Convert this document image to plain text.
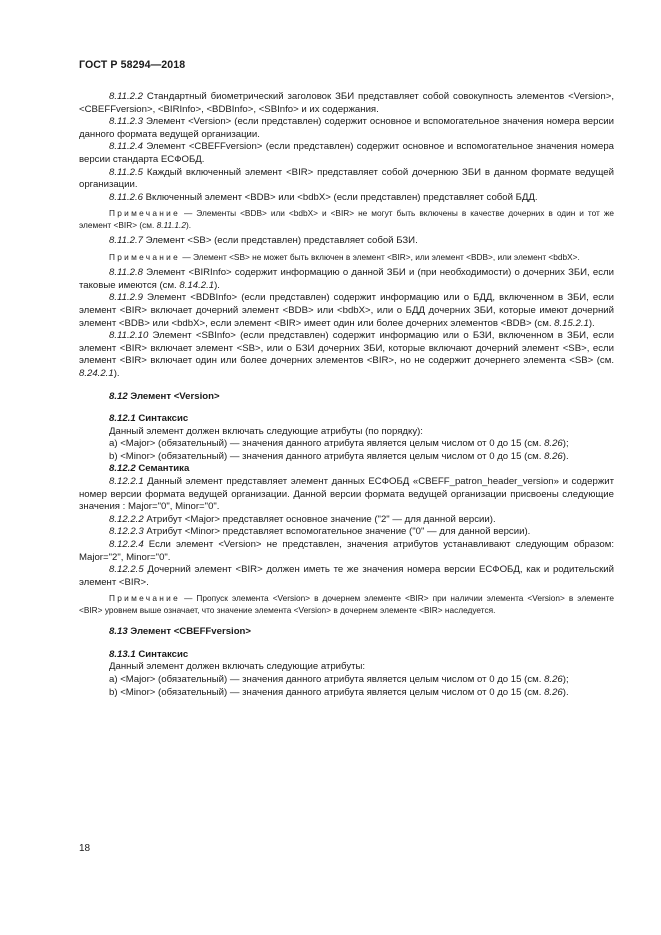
ГОСТ Р 58294—2018

8.11.2.2 Стандартный биометрический заголовок ЗБИ представляет собой совокупность элементов <Version>, <CBEFFversion>, <BIRInfo>, <BDBInfo>, <SBInfo> и их содержания.

8.11.2.3 Элемент <Version> (если представлен) содержит основное и вспомогательное значения номера версии данного формата ведущей организации.

8.11.2.4 Элемент <CBEFFversion> (если представлен) содержит основное и вспомогательное значения номера версии стандарта ЕСФОБД.

8.11.2.5 Каждый включенный элемент <BIR> представляет собой дочернюю ЗБИ в данном формате ведущей организации.

8.11.2.6 Включенный элемент <BDB> или <bdbX> (если представлен) представляет собой БДД.

Примечание — Элементы <BDB> или <bdbX> и <BIR> не могут быть включены в качестве дочерних в один и тот же элемент <BIR> (см. 8.11.1.2).

8.11.2.7 Элемент <SB> (если представлен) представляет собой БЗИ.

Примечание — Элемент <SB> не может быть включен в элемент <BIR>, или элемент <BDB>, или элемент <bdbX>.

8.11.2.8 Элемент <BIRInfo> содержит информацию о данной ЗБИ и (при необходимости) о дочерних ЗБИ, если таковые имеются (см. 8.14.2.1).

8.11.2.9 Элемент <BDBInfo> (если представлен) содержит информацию или о БДД, включенном в ЗБИ, если элемент <BIR> включает дочерний элемент <BDB> или <bdbX>, или о БДД дочерних ЗБИ, которые имеют дочерний элемент <BDB> или <bdbX>, если элемент <BIR> имеет один или более дочерних элементов <BDB> (см. 8.15.2.1).

8.11.2.10 Элемент <SBInfo> (если представлен) содержит информацию или о БЗИ, включенном в ЗБИ, если элемент <BIR> включает элемент <SB>, или о БЗИ дочерних ЗБИ, которые включают дочерний элемент <SB>, если элемент <BIR> включает один или более дочерних элементов <BIR>, но не содержит дочернего элемента <SB> (см. 8.24.2.1).

8.12 Элемент <Version>

8.12.1 Синтаксис

Данный элемент должен включать следующие атрибуты (по порядку):

a) <Major> (обязательный) — значения данного атрибута является целым числом от 0 до 15 (см. 8.26);

b) <Minor> (обязательный) — значения данного атрибута является целым числом от 0 до 15 (см. 8.26).

8.12.2 Семантика

8.12.2.1 Данный элемент представляет элемент данных ЕСФОБД «CBEFF_patron_header_version» и содержит номер версии формата ведущей организации. Данной версии формата ведущей организации присвоены следующие значения : Major="0", Minor="0".

8.12.2.2 Атрибут <Major> представляет основное значение ("2" — для данной версии).

8.12.2.3 Атрибут <Minor> представляет вспомогательное значение ("0" — для данной версии).

8.12.2.4 Если элемент <Version> не представлен, значения атрибутов устанавливают следующим образом: Major="2", Minor="0".

8.12.2.5 Дочерний элемент <BIR> должен иметь те же значения номера версии ЕСФОБД, как и родительский элемент <BIR>.

Примечание — Пропуск элемента <Version> в дочернем элементе <BIR> при наличии элемента <Version> в элементе <BIR> уровнем выше означает, что значение элемента <Version> в дочернем элементе <BIR> наследуется.

8.13 Элемент <CBEFFversion>

8.13.1 Синтаксис

Данный элемент должен включать следующие атрибуты:

a) <Major> (обязательный) — значения данного атрибута является целым числом от 0 до 15 (см. 8.26);

b) <Minor> (обязательный) — значения данного атрибута является целым числом от 0 до 15 (см. 8.26).

18
